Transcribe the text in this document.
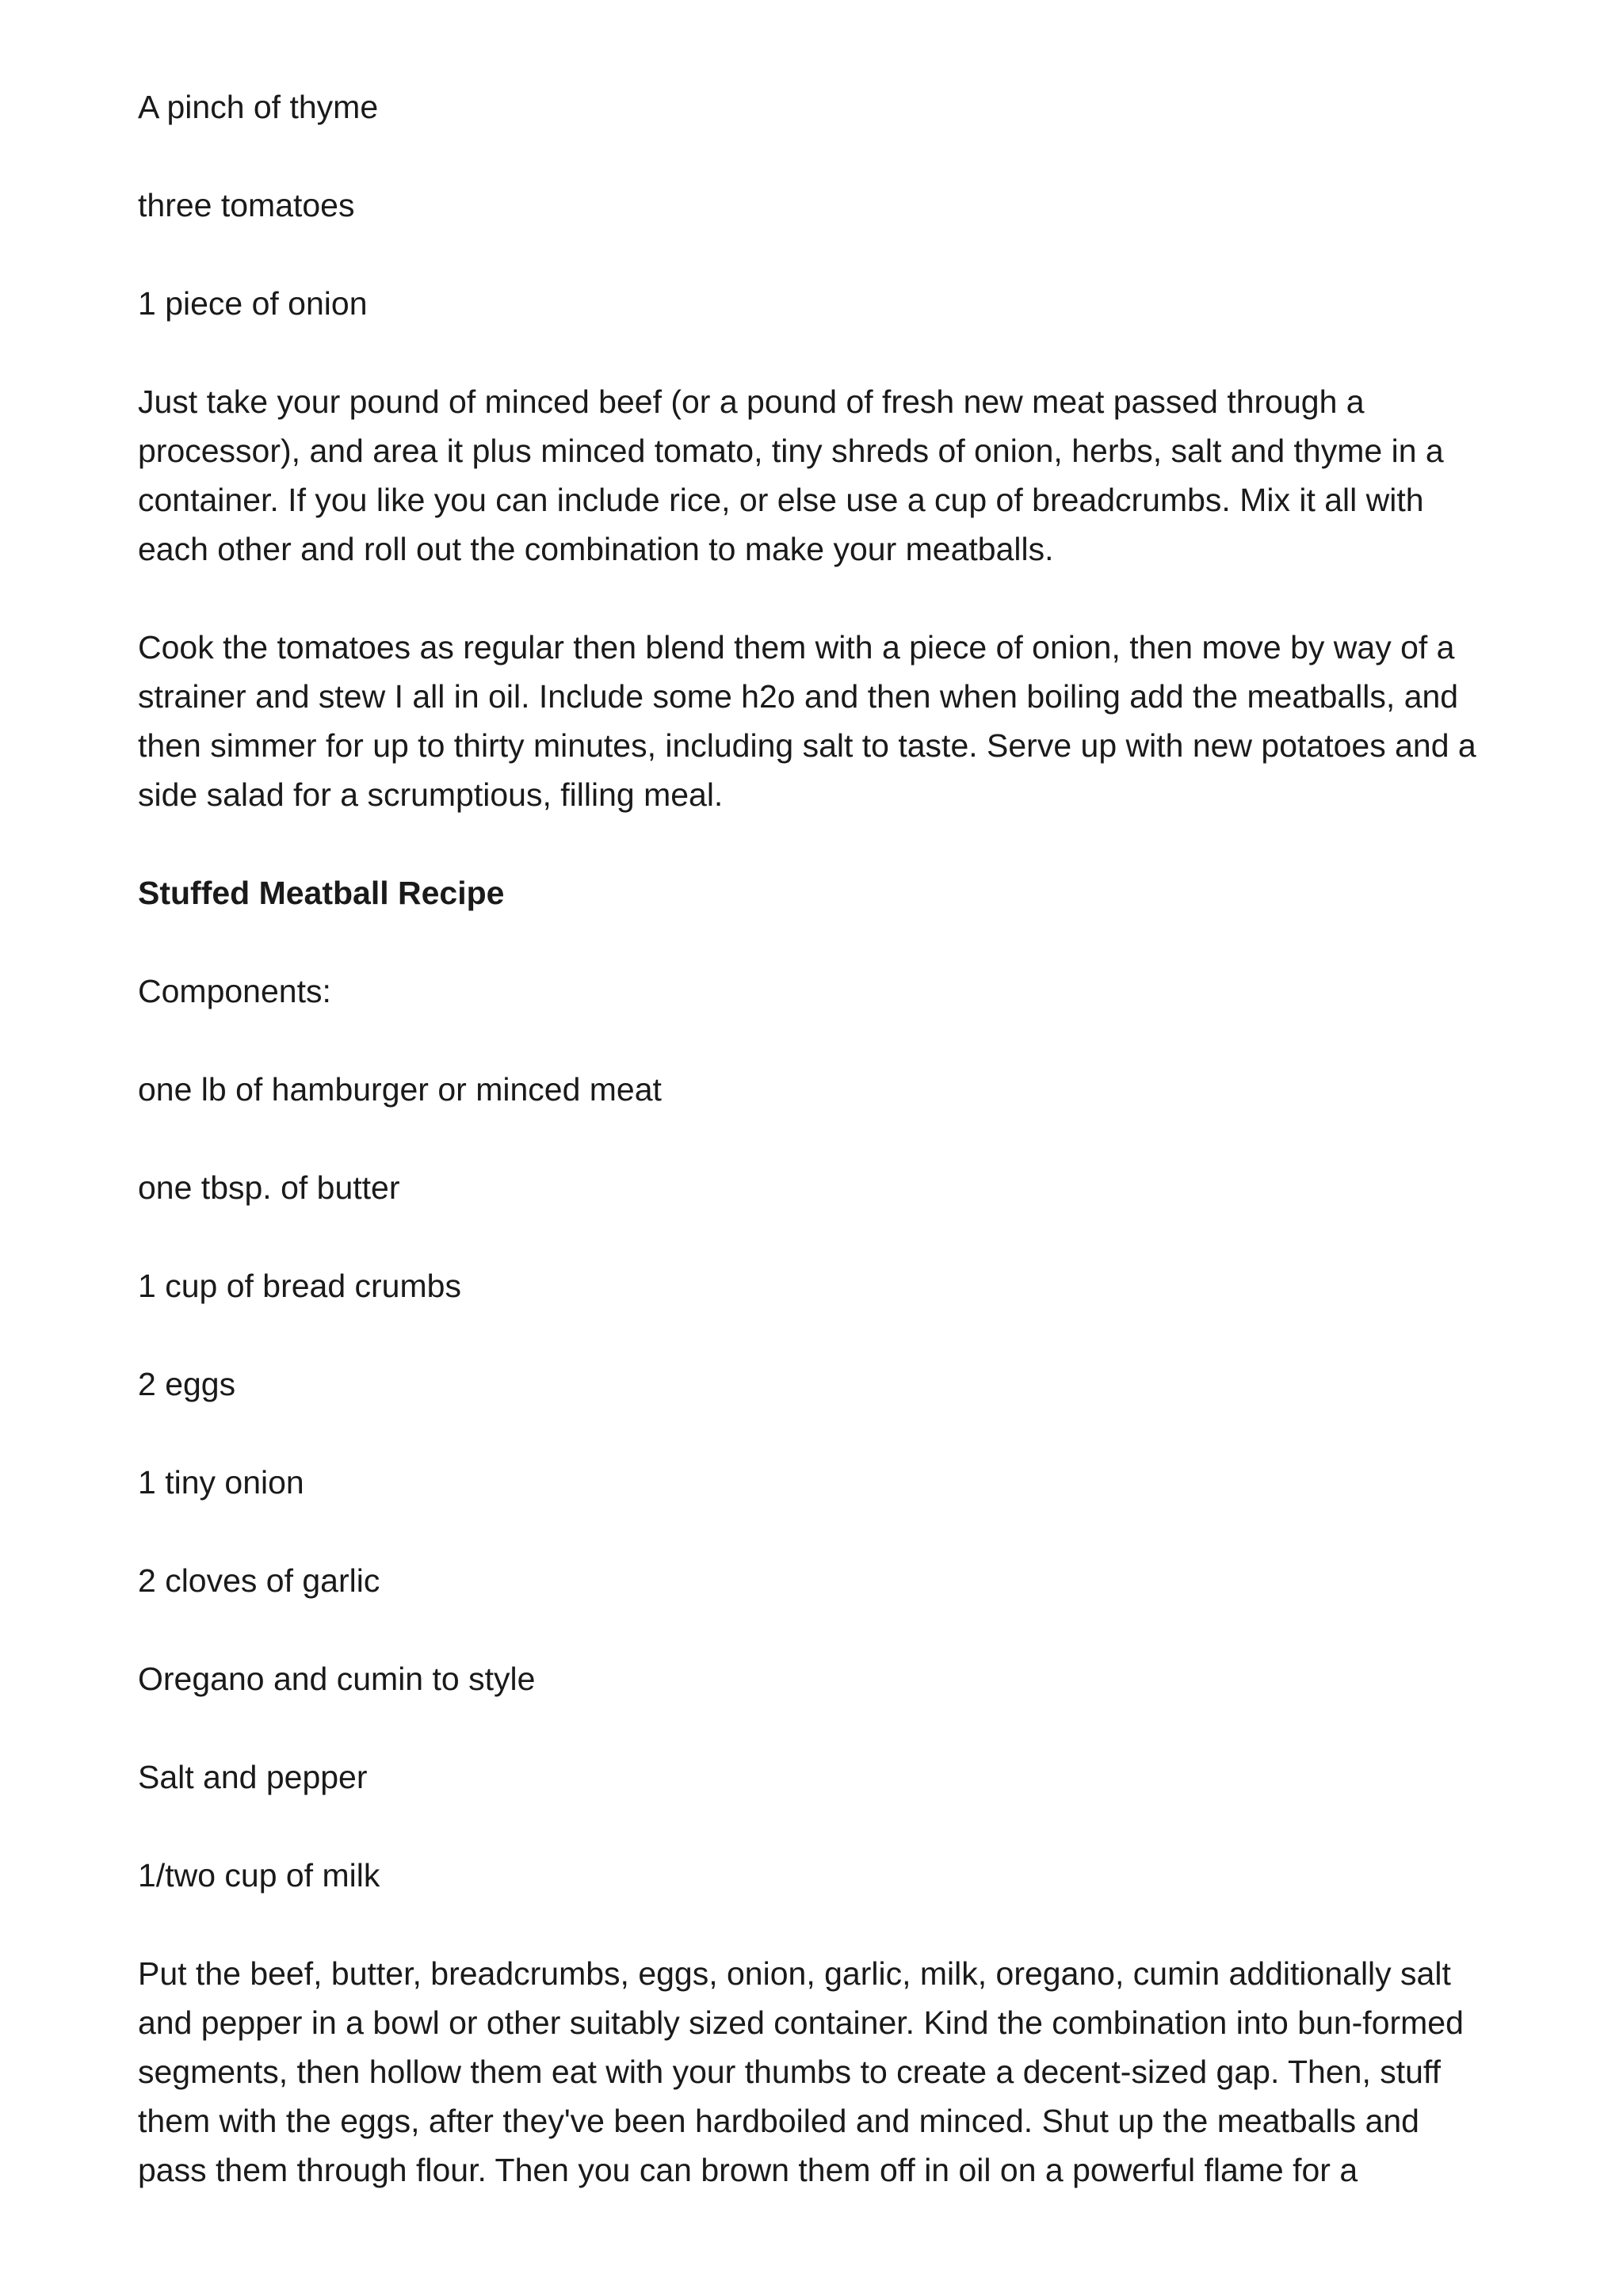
A pinch of thyme
three tomatoes
1 piece of onion
Just take your pound of minced beef (or a pound of fresh new meat passed through a
processor), and area it plus minced tomato, tiny shreds of onion, herbs, salt and thyme in a
container. If you like you can include rice, or else use a cup of breadcrumbs. Mix it all with
each other and roll out the combination to make your meatballs.
Cook the tomatoes as regular then blend them with a piece of onion, then move by way of a
strainer and stew I all in oil. Include some h2o and then when boiling add the meatballs, and
then simmer for up to thirty minutes, including salt to taste. Serve up with new potatoes and a
side salad for a scrumptious, filling meal.
Stuffed Meatball Recipe
Components:
one lb of hamburger or minced meat
one tbsp. of butter
1 cup of bread crumbs
2 eggs
1 tiny onion
2 cloves of garlic
Oregano and cumin to style
Salt and pepper
1/two cup of milk
Put the beef, butter, breadcrumbs, eggs, onion, garlic, milk, oregano, cumin additionally salt
and pepper in a bowl or other suitably sized container. Kind the combination into bun-formed
segments, then hollow them eat with your thumbs to create a decent-sized gap. Then, stuff
them with the eggs, after they've been hardboiled and minced. Shut up the meatballs and
pass them through flour. Then you can brown them off in oil on a powerful flame for a
